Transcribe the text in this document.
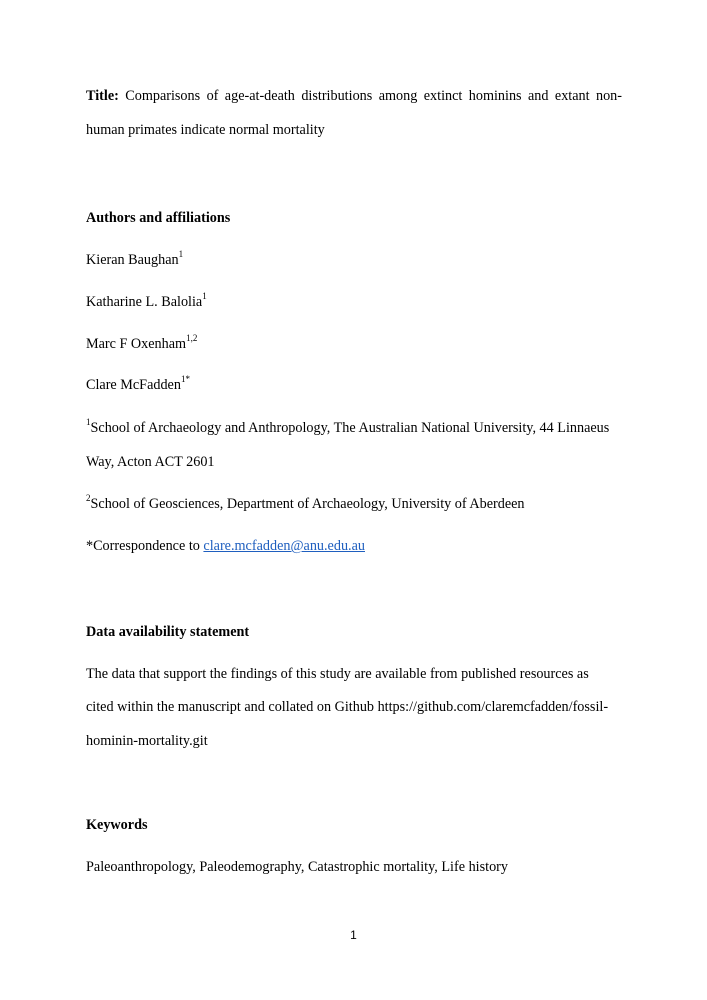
Title: Comparisons of age-at-death distributions among extinct hominins and extant non-
human primates indicate normal mortality
Authors and affiliations
Kieran Baughan$^1$
Katharine L. Balolia$^1$
Marc F Oxenham$^{1,2}$
Clare McFadden$^{1*}$
$^1$School of Archaeology and Anthropology, The Australian National University, 44 Linnaeus
Way, Acton ACT 2601
$^2$School of Geosciences, Department of Archaeology, University of Aberdeen
*Correspondence to clare.mcfadden@anu.edu.au
Data availability statement
The data that support the findings of this study are available from published resources as
cited within the manuscript and collated on Github https://github.com/claremcfadden/fossil-
hominin-mortality.git
Keywords
Paleoanthropology, Paleodemography, Catastrophic mortality, Life history
1
